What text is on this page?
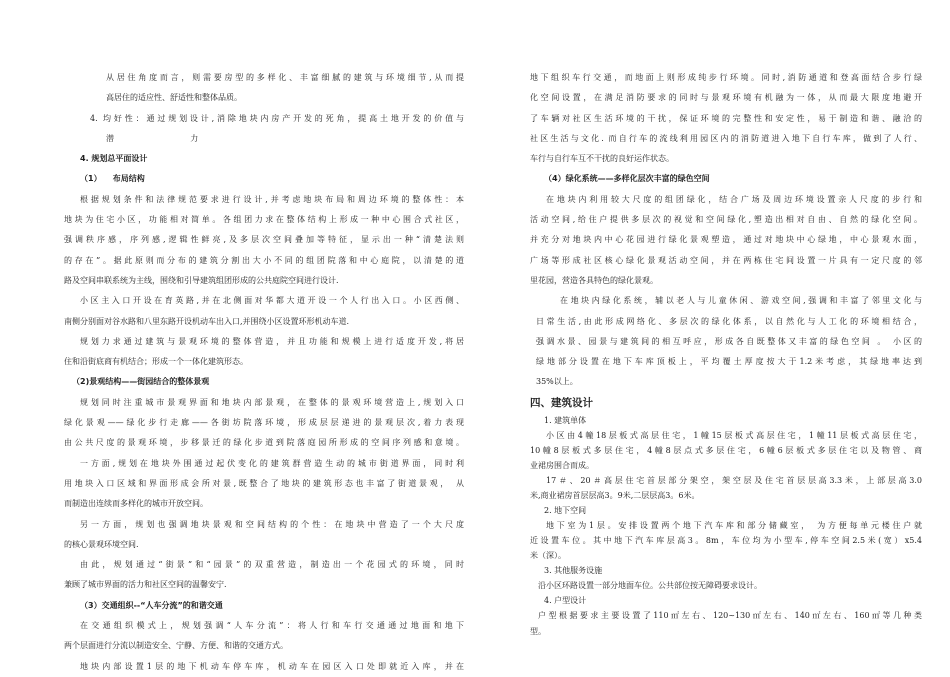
从居住角度而言，则需要房型的多样化、丰富细腻的建筑与环境细节,从而提

高居住的适应性、舒适性和整体品质。

4. 均好性：通过规划设计,消除地块内房产开发的死角，提高土地开发的价值与

潜                              力

4. 规划总平面设计

（1）    布局结构

根据规划条件和法律规范要求进行设计,并考虑地块布局和周边环境的整体性：本

地块为住宅小区，功能相对简单。各组团力求在整体结构上形成一种中心围合式社区，

强调秩序感，序列感,逻辑性鲜亮,及多层次空间叠加等特征，显示出一种“清楚法则

的存在”。据此原则而分布的建筑分割出大小不同的组团院落和中心庭院，以清楚的道

路及空间串联系统为主线，围绕和引导建筑组团形成的公共庭院空间进行设计.

小区主入口开设在育英路,并在北侧面对华都大道开设一个人行出入口。小区西侧、

南侧分别面对谷水路和八里东路开设机动车出入口,并围绕小区设置环形机动车道.

规划力求通过建筑与景观环境的整体营造，并且功能和规模上进行适度开发,将居

住和沿街底商有机结合；形成一个一体化建筑形态。

（2)景观结构——街园结合的整体景观

规划同时注重城市景观界面和地块内部景观，在整体的景观环境营造上,规划入口

绿化景观——绿化步行走廊——各街坊院落环境，形成层层递进的景观层次,着力表现

由公共尺度的景观环境，步移景迁的绿化步道到院落庭园所形成的空间序列感和意境。

一方面,规划在地块外围通过起伏变化的建筑群营造生动的城市街道界面，同时利

用地块入口区域和界面形成会所对景,既整合了地块的建筑形态也丰富了街道景观， 从

而制造出连续而多样化的城市开放空间。

另一方面，规划也强调地块景观和空间结构的个性：在地块中营造了一个大尺度

的核心景观环境空间.

由此，规划通过“街景”和“园景”的双重营造，制造出一个花园式的环境，同时

兼顾了城市界面的活力和社区空间的温馨安宁.

（3）交通组织--“人车分流”的和谐交通

在交通组织模式上，规划强调“人车分流”：将人行和车行交通通过地面和地下

两个层面进行分流以制造安全、宁静、方便、和谐的交通方式。

地块内部设置1层的地下机动车停车库，机动车在园区入口处即就近入库，并在

地下组织车行交通，而地面上则形成纯步行环境。同时,消防通道和登高面结合步行绿

化空间设置，在满足消防要求的同时与景观环境有机融为一体，从而最大限度地避开

了车辆对社区生活环境的干扰，保证环境的完整性和安定性，易于制造和谐、融洽的

社区生活与文化. 而自行车的流线利用园区内的消防道进入地下自行车库，做到了人行、

车行与自行车互不干扰的良好运作状态。

（4）绿化系统——多样化层次丰富的绿色空间

在地块内利用较大尺度的组团绿化，结合广场及周边环境设置亲人尺度的步行和

活动空间,给住户提供多层次的视觉和空间绿化,塑造出相对自由、自然的绿化空间。

并充分对地块内中心花园进行绿化景观塑造，通过对地块中心绿地，中心景观水面，

广场等形成社区核心绿化景观活动空间，并在两栋住宅间设置一片具有一定尺度的邻

里花园，营造各具特色的绿化景观。

在地块内绿化系统，辅以老人与儿童休闲、游戏空间,强调和丰富了邻里文化与

日常生活,由此形成网络化、多层次的绿化体系，以自然化与人工化的环境相结合，

强调水景、园景与建筑间的相互呼应，形成各自既整体又丰富的绿色空间 。 小区的

绿地部分设置在地下车库顶板上，平均覆土厚度按大于1.2米考虑，其绿地率达到

35%以上。

四、建筑设计

1. 建筑单体

小区由4幢18层板式高层住宅，1幢15层板式高层住宅，1幢11层板式高层住宅，

10幢8层板式多层住宅，4幢8层点式多层住宅，6幢6层板式多层住宅以及物管、商

业裙房围合而成。

17＃、20＃高层住宅首层部分架空，架空层及住宅首层层高3.3米，上部层高3.0

米,商业裙房首层层高3。9米,二层层高3。6米。

2. 地下空间

地下室为1层。安排设置两个地下汽车库和部分储藏室， 为方便每单元楼住户就

近设置车位。其中地下汽车库层高3。8m，车位均为小型车,停车空间2.5米(宽）x5.4

米（深）。

3. 其他服务设施

沿小区环路设置一部分地面车位。公共部位按无障碍要求设计。

4. 户型设计

户型根据要求主要设置了110㎡左右、120~130㎡左右、140㎡左右、160㎡等几种类

型。
